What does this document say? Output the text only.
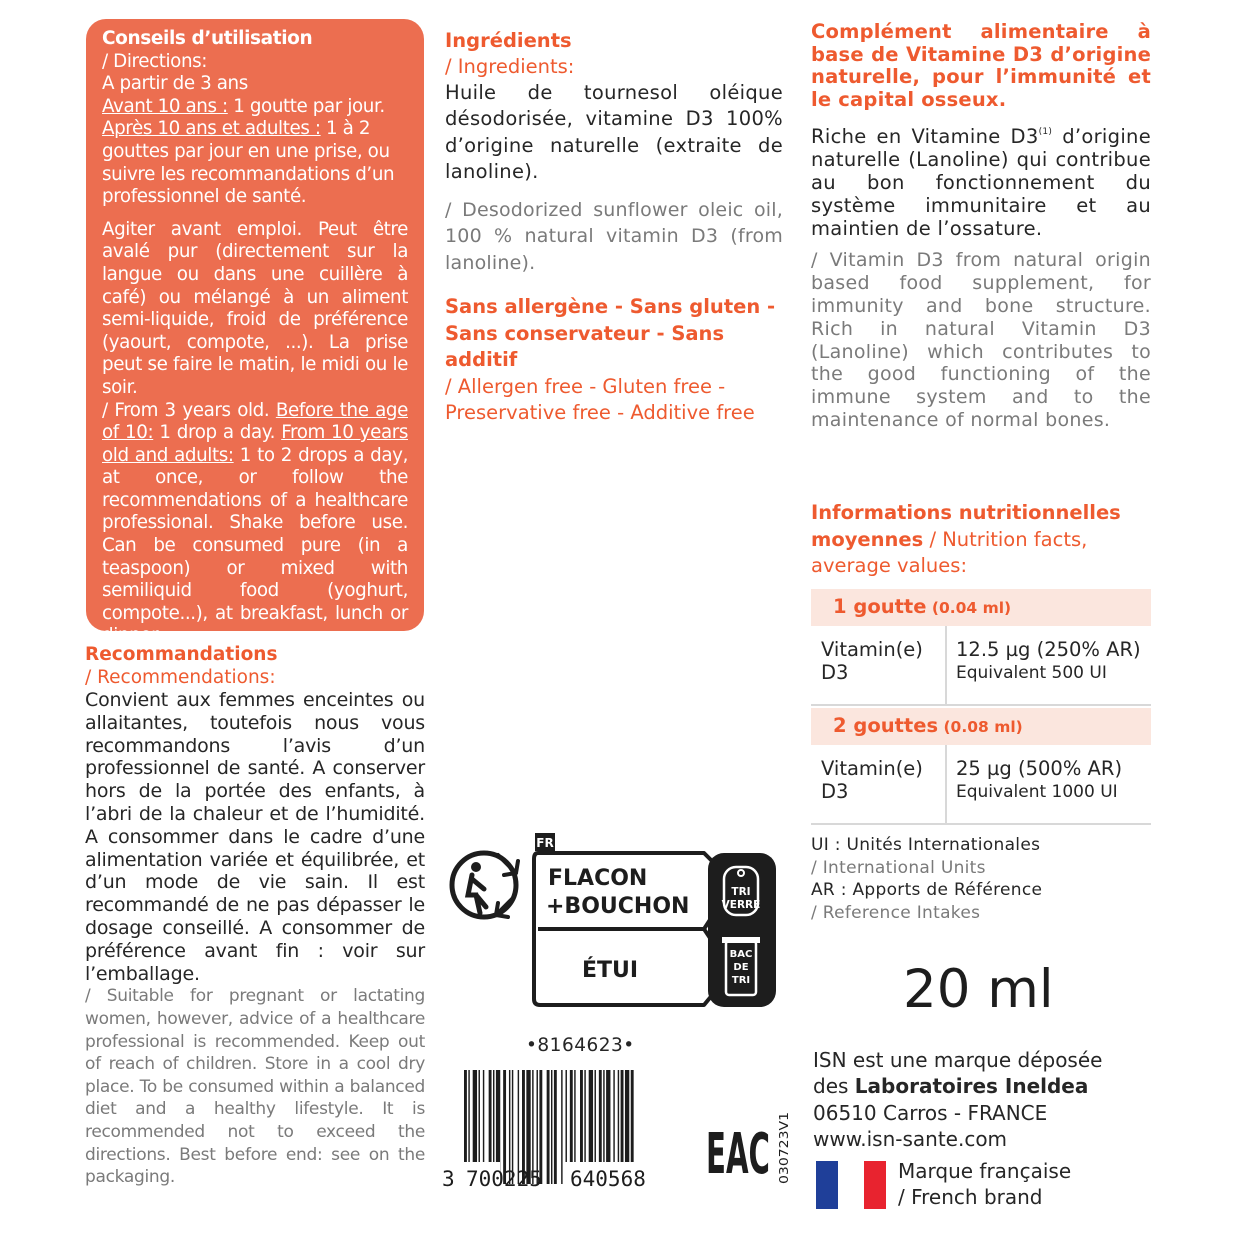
Conseils d’utilisation
/ Directions:
A partir de 3 ans
Avant 10 ans : 1 goutte par jour.
Après 10 ans et adultes : 1 à 2 gouttes par jour en une prise, ou suivre les recommandations d’un professionnel de santé.

Agiter avant emploi. Peut être avalé pur (directement sur la langue ou dans une cuillère à café) ou mélangé à un aliment semi-liquide, froid de préférence (yaourt, compote, ...). La prise peut se faire le matin, le midi ou le soir.

/ From 3 years old. Before the age of 10: 1 drop a day. From 10 years old and adults: 1 to 2 drops a day, at once, or follow the recommendations of a healthcare professional. Shake before use. Can be consumed pure (in a teaspoon) or mixed with semiliquid food (yoghurt, compote...), at breakfast, lunch or dinner.

Recommandations
/ Recommendations:

Convient aux femmes enceintes ou allaitantes, toutefois nous vous recommandons l’avis d’un professionnel de santé. A conserver hors de la portée des enfants, à l’abri de la chaleur et de l’humidité. A consommer dans le cadre d’une alimentation variée et équilibrée, et d’un mode de vie sain. Il est recommandé de ne pas dépasser le dosage conseillé. A consommer de préférence avant fin : voir sur l’emballage.

/ Suitable for pregnant or lactating women, however, advice of a healthcare professional is recommended. Keep out of reach of children. Store in a cool dry place. To be consumed within a balanced diet and a healthy lifestyle. It is recommended not to exceed the directions. Best before end: see on the packaging.

Ingrédients
/ Ingredients:

Huile de tournesol oléique désodorisée, vitamine D3 100% d’origine naturelle (extraite de lanoline).

/ Desodorized sunflower oleic oil, 100 % natural vitamin D3 (from lanoline).

Sans allergène - Sans gluten - Sans conservateur - Sans additif

/ Allergen free - Gluten free - Preservative free - Additive free

FR
FLACON
+BOUCHON
ÉTUI
TRI
VERRE
BAC
DE
TRI
•8164623•
3 700225 640568 EAC 030723V1

Complément alimentaire à base de Vitamine D3 d’origine naturelle, pour l’immunité et le capital osseux.

Riche en Vitamine D3$^{(1)}$ d’origine naturelle (Lanoline) qui contribue au bon fonctionnement du système immunitaire et au maintien de l’ossature.

/ Vitamin D3 from natural origin based food supplement, for immunity and bone structure. Rich in natural Vitamin D3 (Lanoline) which contributes to the good functioning of the immune system and to the maintenance of normal bones.

Informations nutritionnelles moyennes / Nutrition facts, average values:
1 goutte (0.04 ml)
Vitamin(e) D3
12.5 µg (250% AR)
Equivalent 500 UI
2 gouttes (0.08 ml)
Vitamin(e) D3
25 µg (500% AR)
Equivalent 1000 UI
UI : Unités Internationales
/ International Units
AR : Apports de Référence
/ Reference Intakes
20 ml
ISN est une marque déposée
des Laboratoires Ineldea
06510 Carros - FRANCE
www.isn-sante.com
Marque française
/ French brand
